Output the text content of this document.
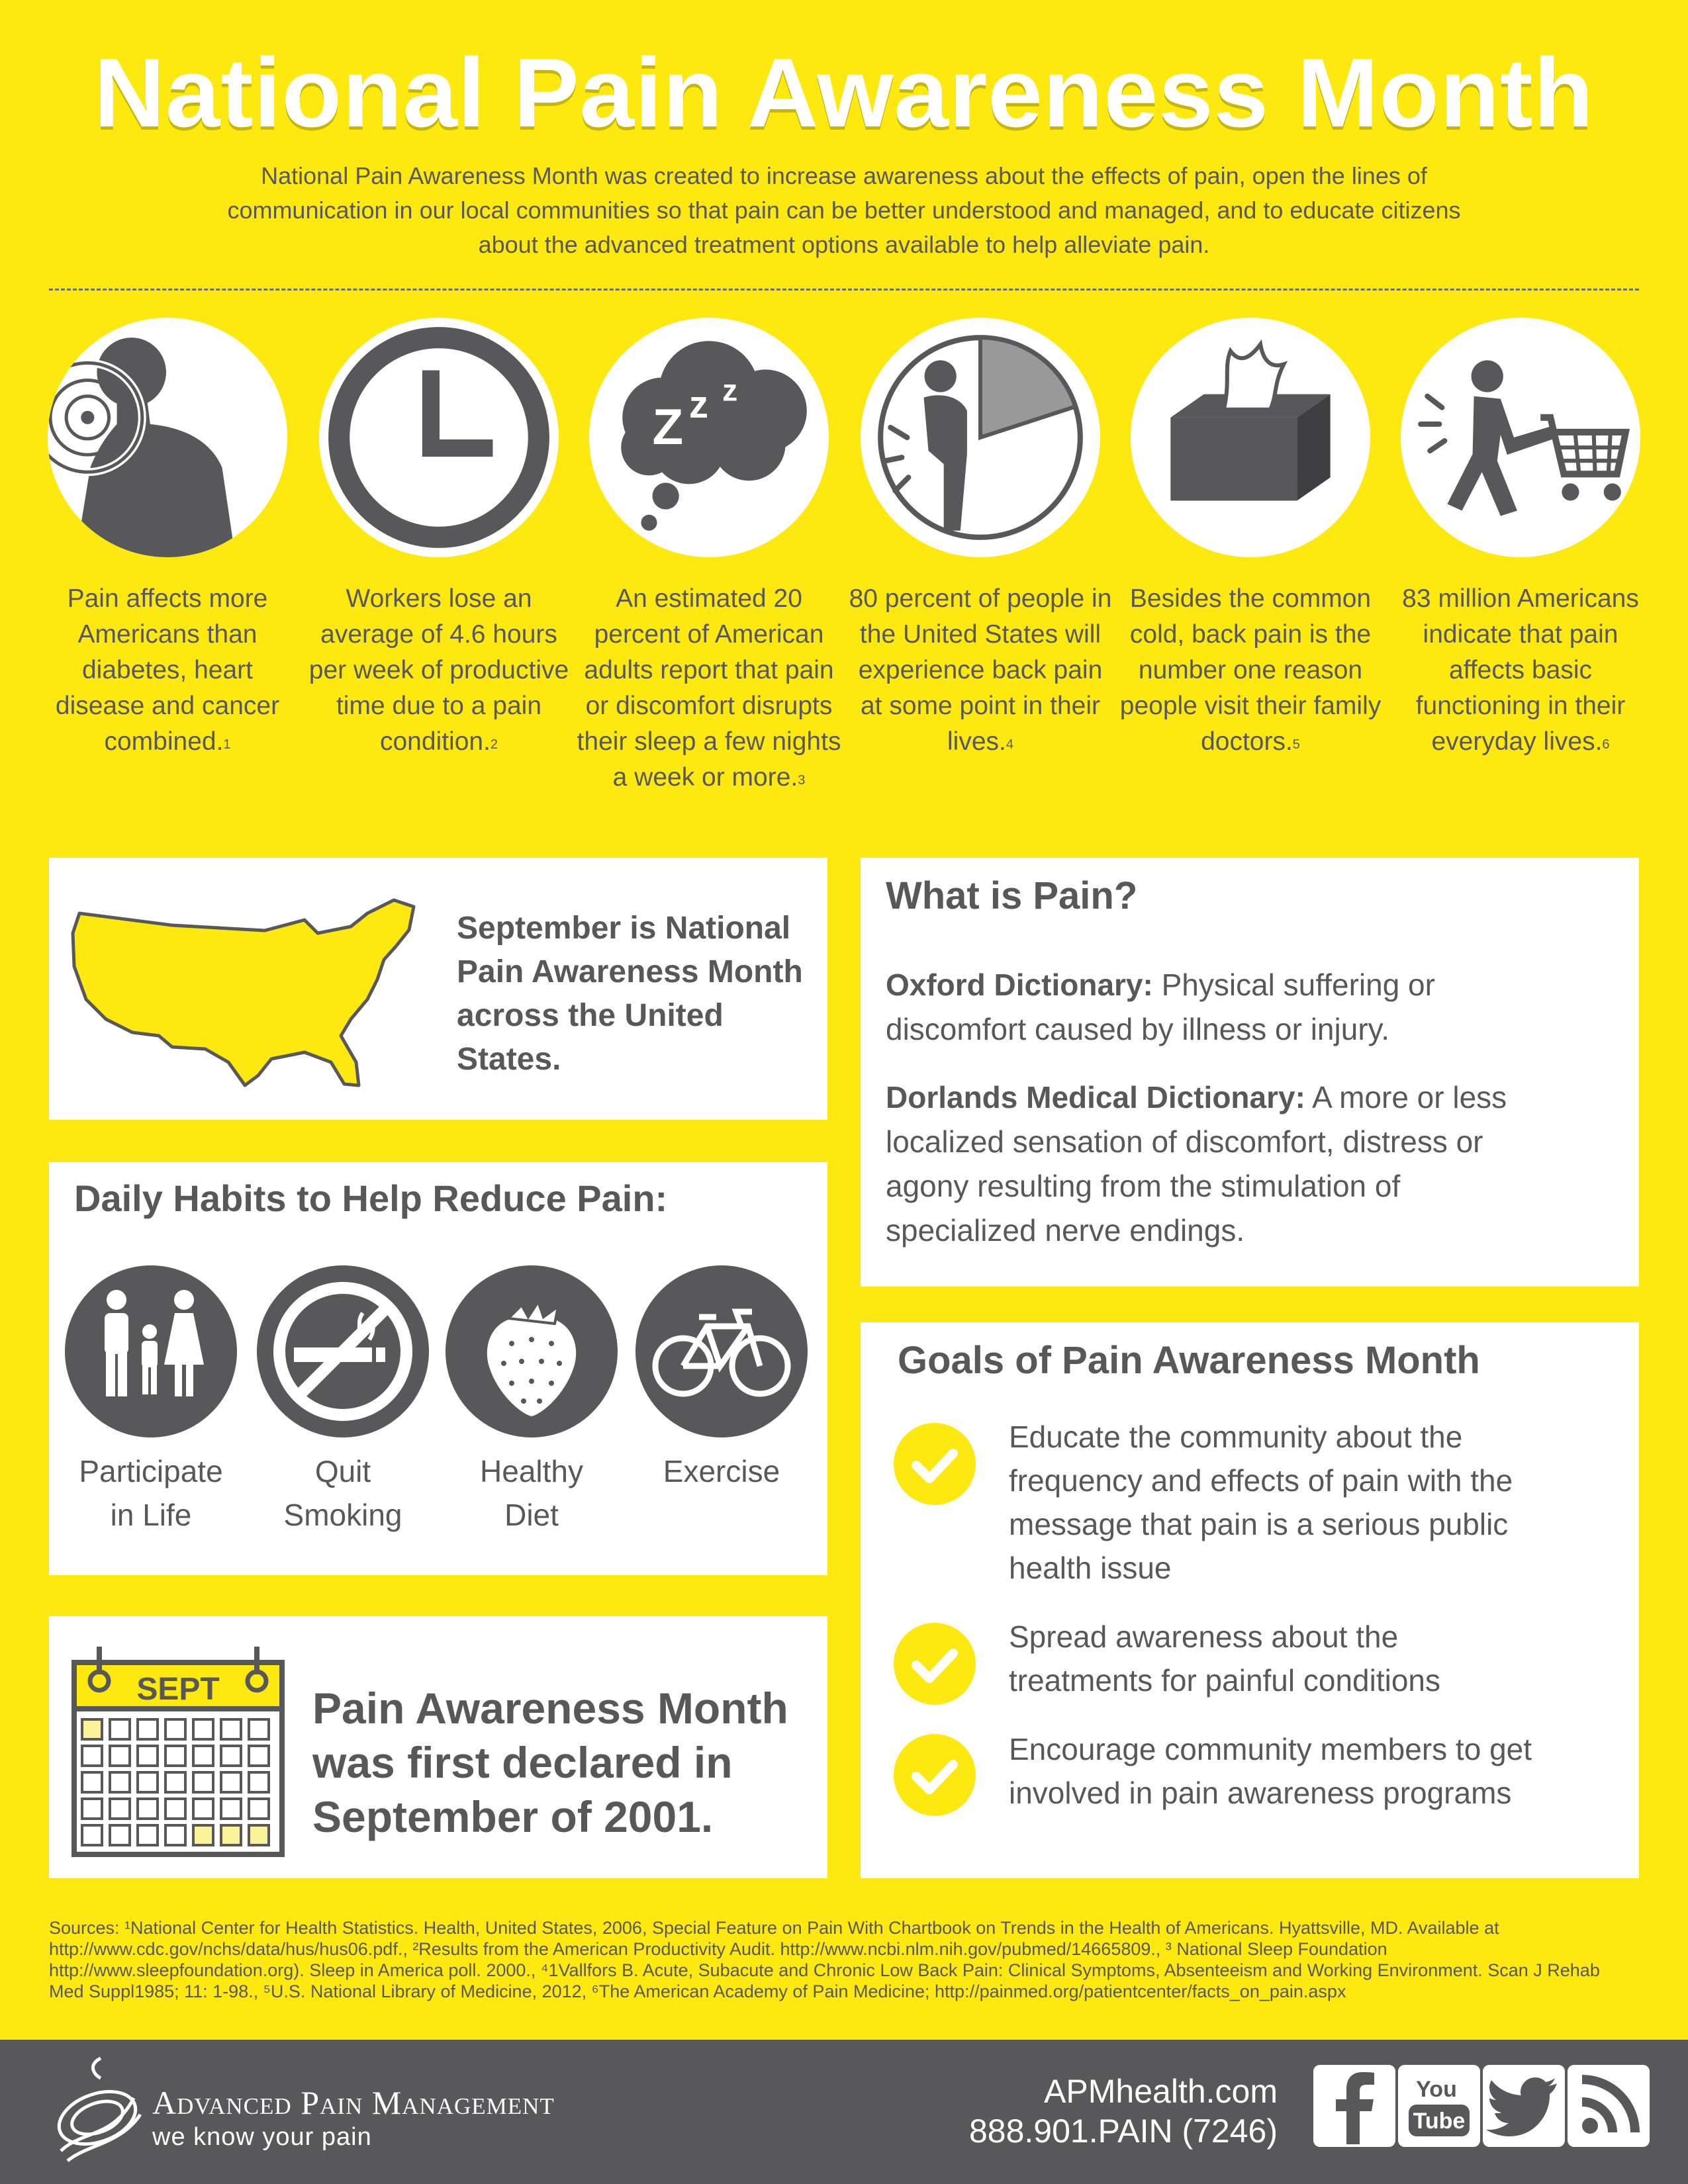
National Pain Awareness Month
National Pain Awareness Month was created to increase awareness about the effects of pain, open the lines of communication in our local communities so that pain can be better understood and managed, and to educate citizens about the advanced treatment options available to help alleviate pain.
Z z z
Pain affects more Americans than diabetes, heart disease and cancer combined.$^1$
Workers lose an average of 4.6 hours per week of productive time due to a pain condition.$^2$
An estimated 20 percent of American adults report that pain or discomfort disrupts their sleep a few nights a week or more.$^3$
80 percent of people in the United States will experience back pain at some point in their lives.$^4$
Besides the common cold, back pain is the number one reason people visit their family doctors.$^5$
83 million Americans indicate that pain affects basic functioning in their everyday lives.$^6$
September is National Pain Awareness Month across the United States.
What is Pain?
Oxford Dictionary: Physical suffering or discomfort caused by illness or injury.
Dorlands Medical Dictionary: A more or less localized sensation of discomfort, distress or agony resulting from the stimulation of specialized nerve endings.
Daily Habits to Help Reduce Pain:
Participate
in Life
Quit
Smoking
Healthy
Diet
Exercise
Goals of Pain Awareness Month
Educate the community about the frequency and effects of pain with the message that pain is a serious public health issue
Spread awareness about the treatments for painful conditions
Encourage community members to get involved in pain awareness programs
SEPT Pain Awareness Month was first declared in September of 2001.
Sources: ¹National Center for Health Statistics. Health, United States, 2006, Special Feature on Pain With Chartbook on Trends in the Health of Americans. Hyattsville, MD. Available at http://www.cdc.gov/nchs/data/hus/hus06.pdf., ²Results from the American Productivity Audit. http://www.ncbi.nlm.nih.gov/pubmed/14665809., ³ National Sleep Foundation http://www.sleepfoundation.org). Sleep in America poll. 2000., ⁴1Vallfors B. Acute, Subacute and Chronic Low Back Pain: Clinical Symptoms, Absenteeism and Working Environment. Scan J Rehab Med Suppl1985; 11: 1-98., ⁵U.S. National Library of Medicine, 2012, ⁶The American Academy of Pain Medicine; http://painmed.org/patientcenter/facts_on_pain.aspx
Advanced Pain Management
we know your pain
APMhealth.com
888.901.PAIN (7246)
You
Tube
